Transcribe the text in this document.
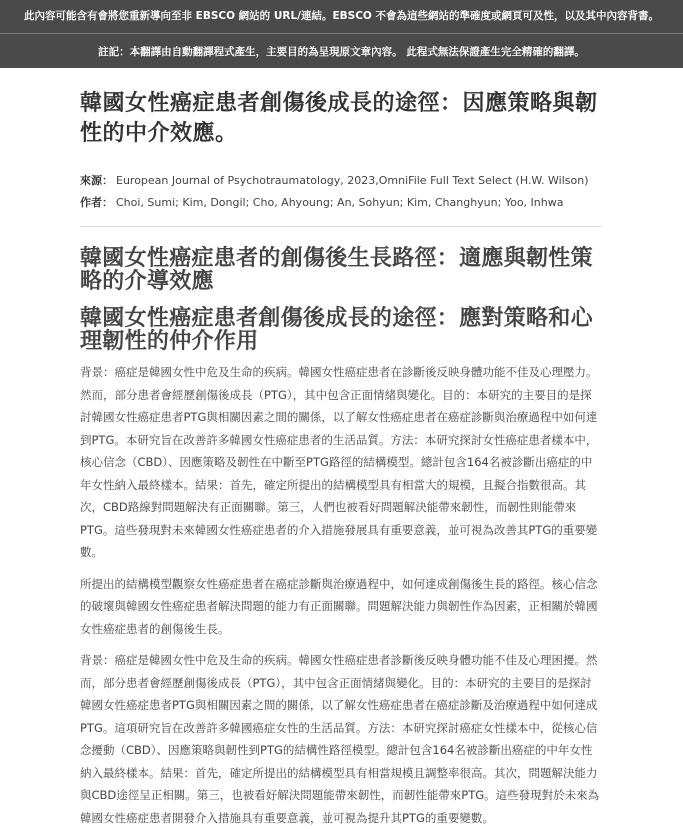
此內容可能含有會將您重新導向至非 EBSCO 網站的 URL/連結。EBSCO 不會為這些網站的準確度或網頁可及性，以及其中內容背書。
註記：本翻譯由自動翻譯程式產生，主要目的為呈現原文章內容。 此程式無法保證產生完全精確的翻譯。
韓國女性癌症患者創傷後成長的途徑：因應策略與韌性的中介效應。
來源： European Journal of Psychotraumatology, 2023,OmniFile Full Text Select (H.W. Wilson)
作者： Choi, Sumi; Kim, Dongil; Cho, Ahyoung; An, Sohyun; Kim, Changhyun; Yoo, Inhwa
韓國女性癌症患者的創傷後生長路徑：適應與韌性策略的介導效應
韓國女性癌症患者創傷後成長的途徑：應對策略和心理韌性的仲介作用

背景：癌症是韓國女性中危及生命的疾病。韓國女性癌症患者在診斷後反映身體功能不佳及心理壓力。然而，部分患者會經歷創傷後成長（PTG），其中包含正面情緒與變化。目的：本研究的主要目的是探討韓國女性癌症患者PTG與相關因素之間的關係，以了解女性癌症患者在癌症診斷與治療過程中如何達到PTG。本研究旨在改善許多韓國女性癌症患者的生活品質。方法：本研究探討女性癌症患者樣本中，核心信念（CBD）、因應策略及韌性在中斷至PTG路徑的結構模型。總計包含164名被診斷出癌症的中年女性納入最終樣本。結果：首先，確定所提出的結構模型具有相當大的規模，且擬合指數很高。其次，CBD路線對問題解決有正面關聯。第三，人們也被看好問題解決能帶來韌性，而韌性則能帶來PTG。這些發現對未來韓國女性癌症患者的介入措施發展具有重要意義，並可視為改善其PTG的重要變數。

所提出的結構模型觀察女性癌症患者在癌症診斷與治療過程中，如何達成創傷後生長的路徑。核心信念的破壞與韓國女性癌症患者解決問題的能力有正面關聯。問題解決能力與韌性作為因素，正相關於韓國女性癌症患者的創傷後生長。

背景：癌症是韓國女性中危及生命的疾病。韓國女性癌症患者診斷後反映身體功能不佳及心理困擾。然而，部分患者會經歷創傷後成長（PTG），其中包含正面情緒與變化。目的：本研究的主要目的是探討韓國女性癌症患者PTG與相關因素之間的關係，以了解女性癌症患者在癌症診斷及治療過程中如何達成PTG。這項研究旨在改善許多韓國癌症女性的生活品質。方法：本研究探討癌症女性樣本中，從核心信念擾動（CBD）、因應策略與韌性到PTG的結構性路徑模型。總計包含164名被診斷出癌症的中年女性納入最終樣本。結果：首先，確定所提出的結構模型具有相當規模且調整率很高。其次，問題解決能力與CBD途徑呈正相關。第三，也被看好解決問題能帶來韌性，而韌性能帶來PTG。這些發現對於未來為韓國女性癌症患者開發介入措施具有重要意義，並可視為提升其PTG的重要變數。
